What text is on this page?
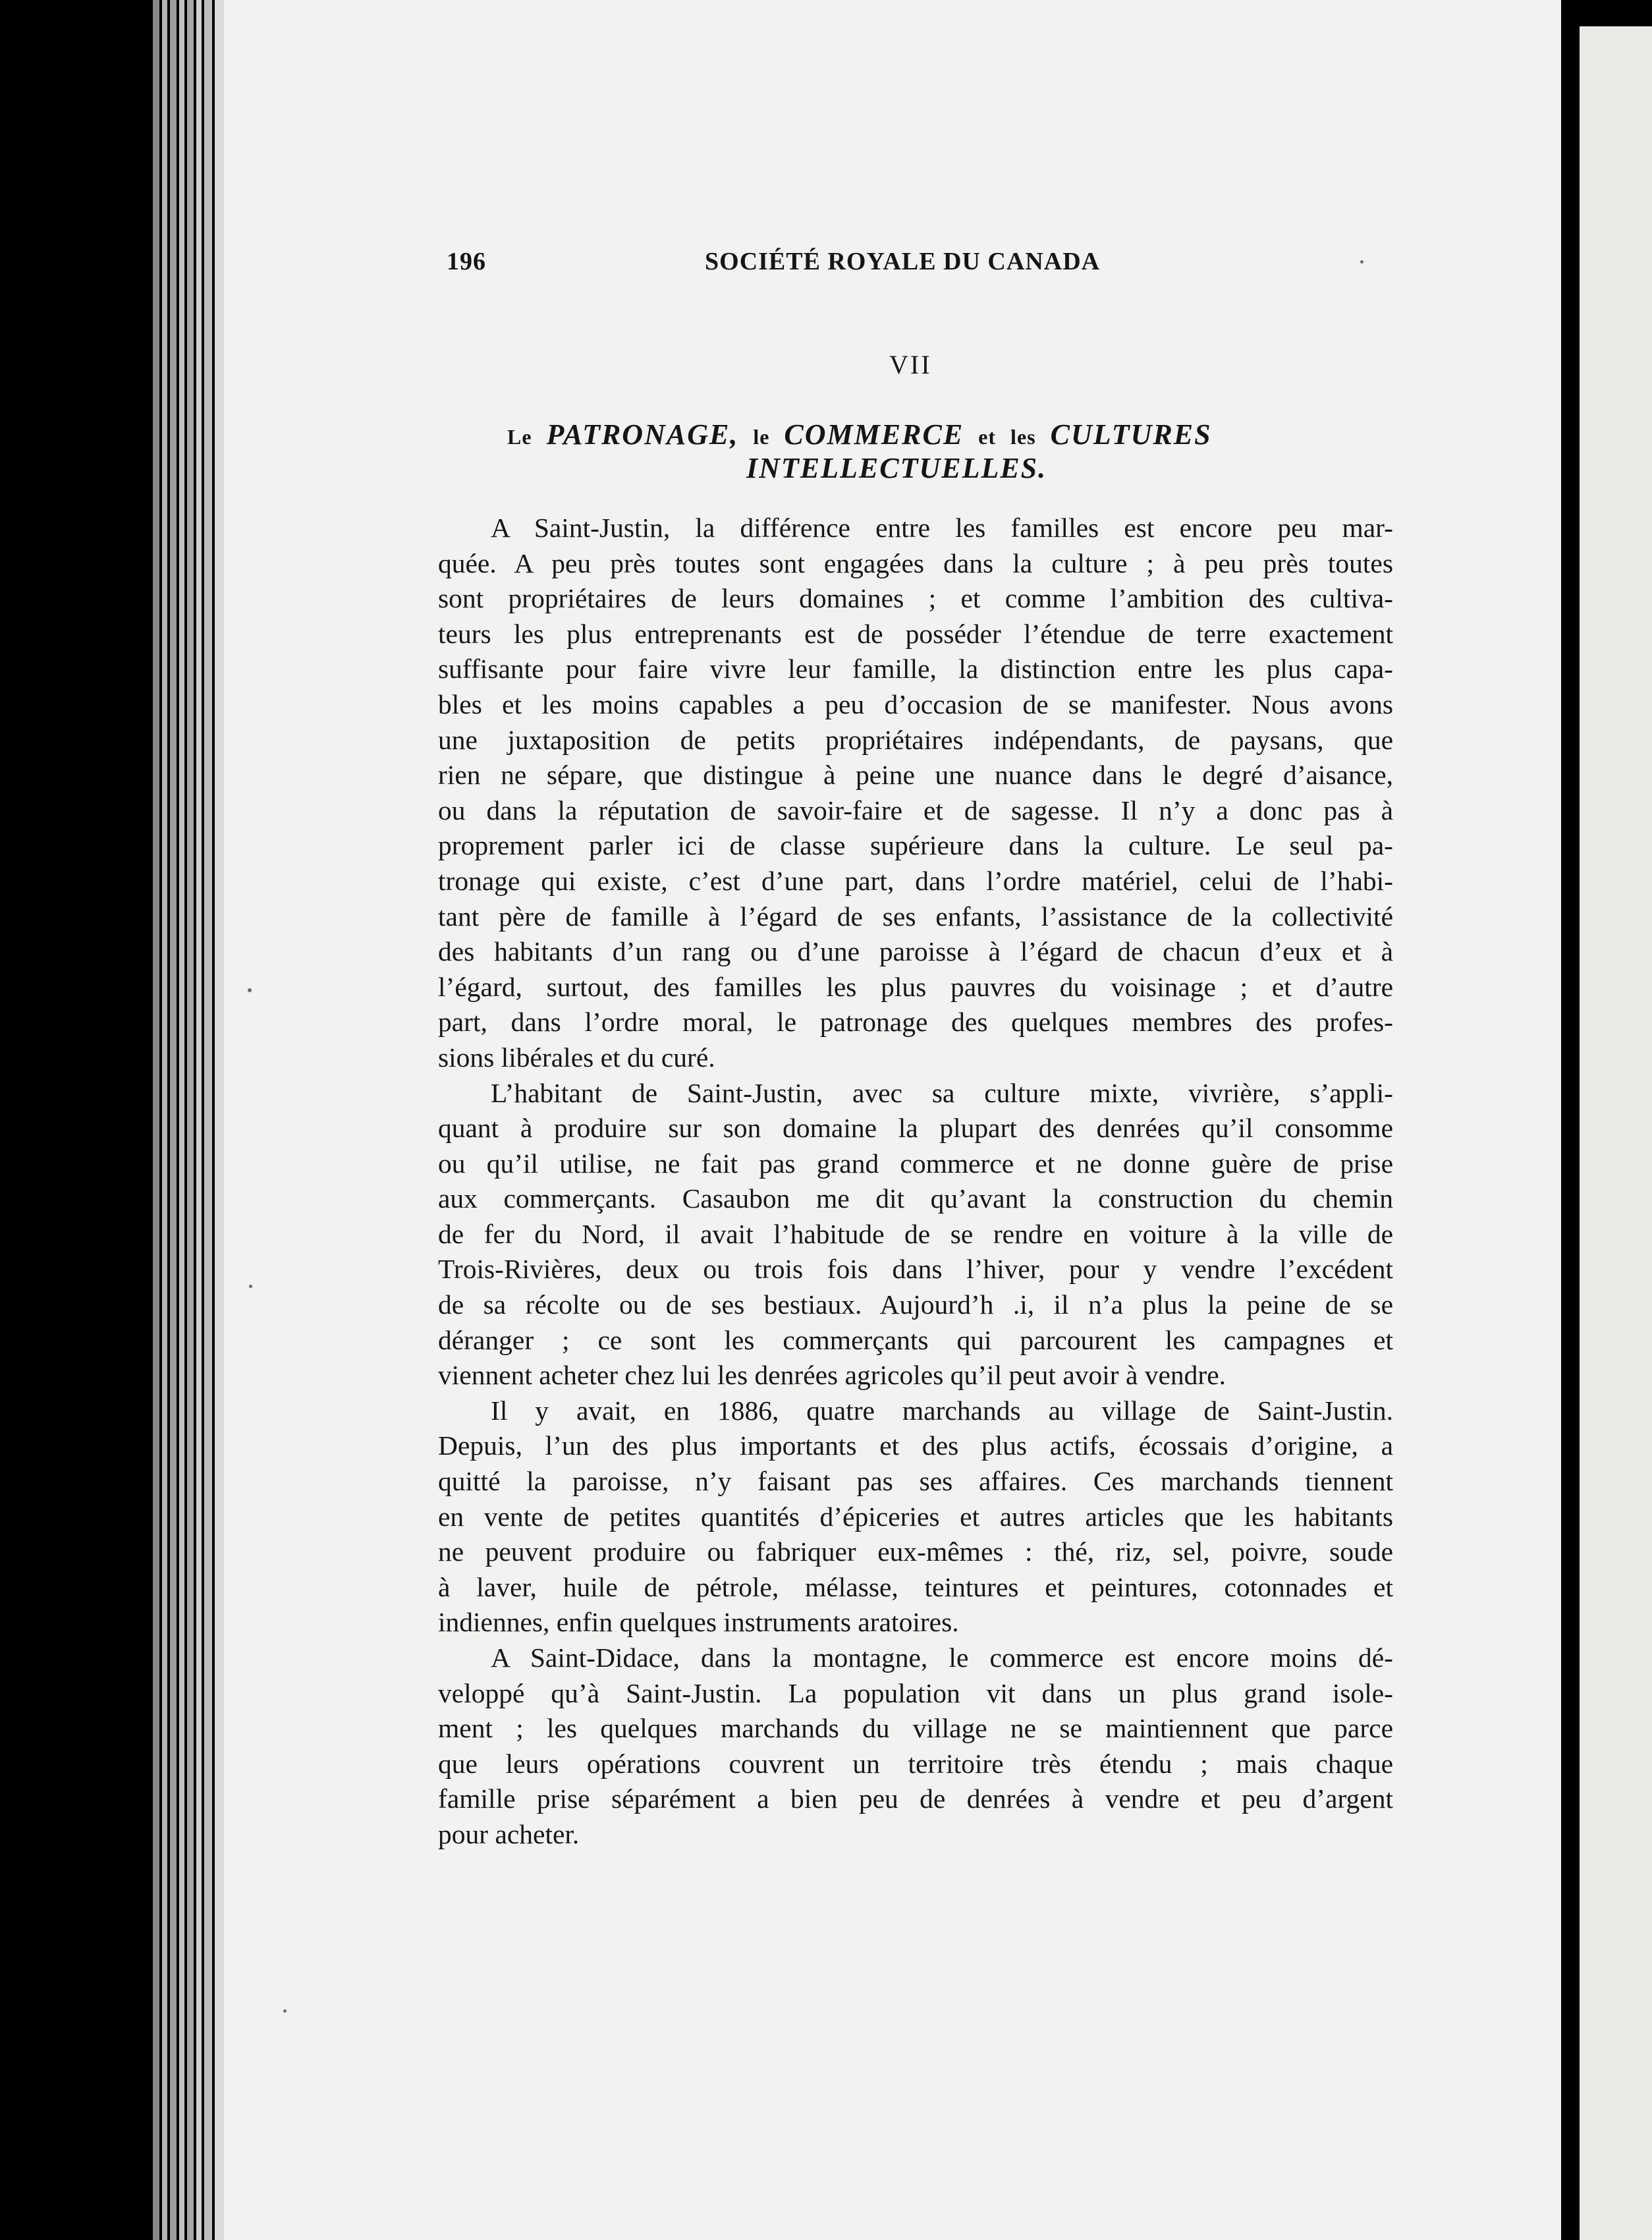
196	SOCIÉTÉ ROYALE DU CANADA
VII
Le PATRONAGE, le COMMERCE et les CULTURES
INTELLECTUELLES.
A Saint-Justin, la différence entre les familles est encore peu mar-
quée. A peu près toutes sont engagées dans la culture ; à peu près toutes
sont propriétaires de leurs domaines ; et comme l’ambition des cultiva-
teurs les plus entreprenants est de posséder l’étendue de terre exactement
suffisante pour faire vivre leur famille, la distinction entre les plus capa-
bles et les moins capables a peu d’occasion de se manifester. Nous avons
une juxtaposition de petits propriétaires indépendants, de paysans, que
rien ne sépare, que distingue à peine une nuance dans le degré d’aisance,
ou dans la réputation de savoir-faire et de sagesse. Il n’y a donc pas à
proprement parler ici de classe supérieure dans la culture. Le seul pa-
tronage qui existe, c’est d’une part, dans l’ordre matériel, celui de l’habi-
tant père de famille à l’égard de ses enfants, l’assistance de la collectivité
des habitants d’un rang ou d’une paroisse à l’égard de chacun d’eux et à
l’égard, surtout, des familles les plus pauvres du voisinage ; et d’autre
part, dans l’ordre moral, le patronage des quelques membres des profes-
sions libérales et du curé.
L’habitant de Saint-Justin, avec sa culture mixte, vivrière, s’appli-
quant à produire sur son domaine la plupart des denrées qu’il consomme
ou qu’il utilise, ne fait pas grand commerce et ne donne guère de prise
aux commerçants. Casaubon me dit qu’avant la construction du chemin
de fer du Nord, il avait l’habitude de se rendre en voiture à la ville de
Trois-Rivières, deux ou trois fois dans l’hiver, pour y vendre l’excédent
de sa récolte ou de ses bestiaux. Aujourd’h .i, il n’a plus la peine de se
déranger ; ce sont les commerçants qui parcourent les campagnes et
viennent acheter chez lui les denrées agricoles qu’il peut avoir à vendre.
Il y avait, en 1886, quatre marchands au village de Saint-Justin.
Depuis, l’un des plus importants et des plus actifs, écossais d’origine, a
quitté la paroisse, n’y faisant pas ses affaires. Ces marchands tiennent
en vente de petites quantités d’épiceries et autres articles que les habitants
ne peuvent produire ou fabriquer eux-mêmes : thé, riz, sel, poivre, soude
à laver, huile de pétrole, mélasse, teintures et peintures, cotonnades et
indiennes, enfin quelques instruments aratoires.
A Saint-Didace, dans la montagne, le commerce est encore moins dé-
veloppé qu’à Saint-Justin. La population vit dans un plus grand isole-
ment ; les quelques marchands du village ne se maintiennent que parce
que leurs opérations couvrent un territoire très étendu ; mais chaque
famille prise séparément a bien peu de denrées à vendre et peu d’argent
pour acheter.
